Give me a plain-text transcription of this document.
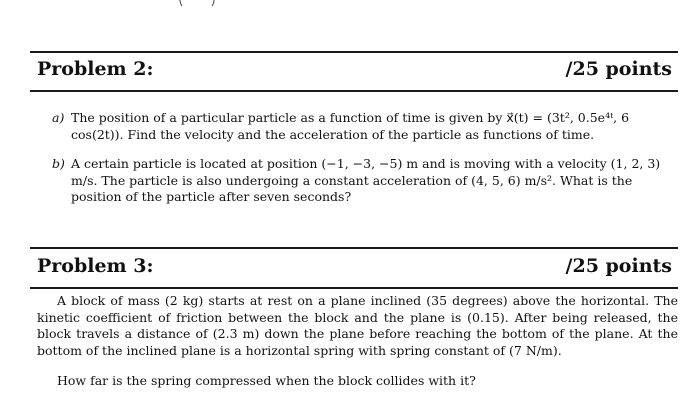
Problem 2:	/25 points
a) The position of a particular particle as a function of time is given by x⃗(t) = (3t², 0.5e⁴ᵗ, 6 cos(2t)). Find the velocity and the acceleration of the particle as functions of time.
b) A certain particle is located at position (−1, −3, −5) m and is moving with a velocity (1, 2, 3) m/s. The particle is also undergoing a constant acceleration of (4, 5, 6) m/s². What is the position of the particle after seven seconds?
Problem 3:	/25 points
A block of mass (2 kg) starts at rest on a plane inclined (35 degrees) above the horizontal. The kinetic coefficient of friction between the block and the plane is (0.15). After being released, the block travels a distance of (2.3 m) down the plane before reaching the bottom of the plane. At the bottom of the inclined plane is a horizontal spring with spring constant of (7 N/m).
How far is the spring compressed when the block collides with it?
